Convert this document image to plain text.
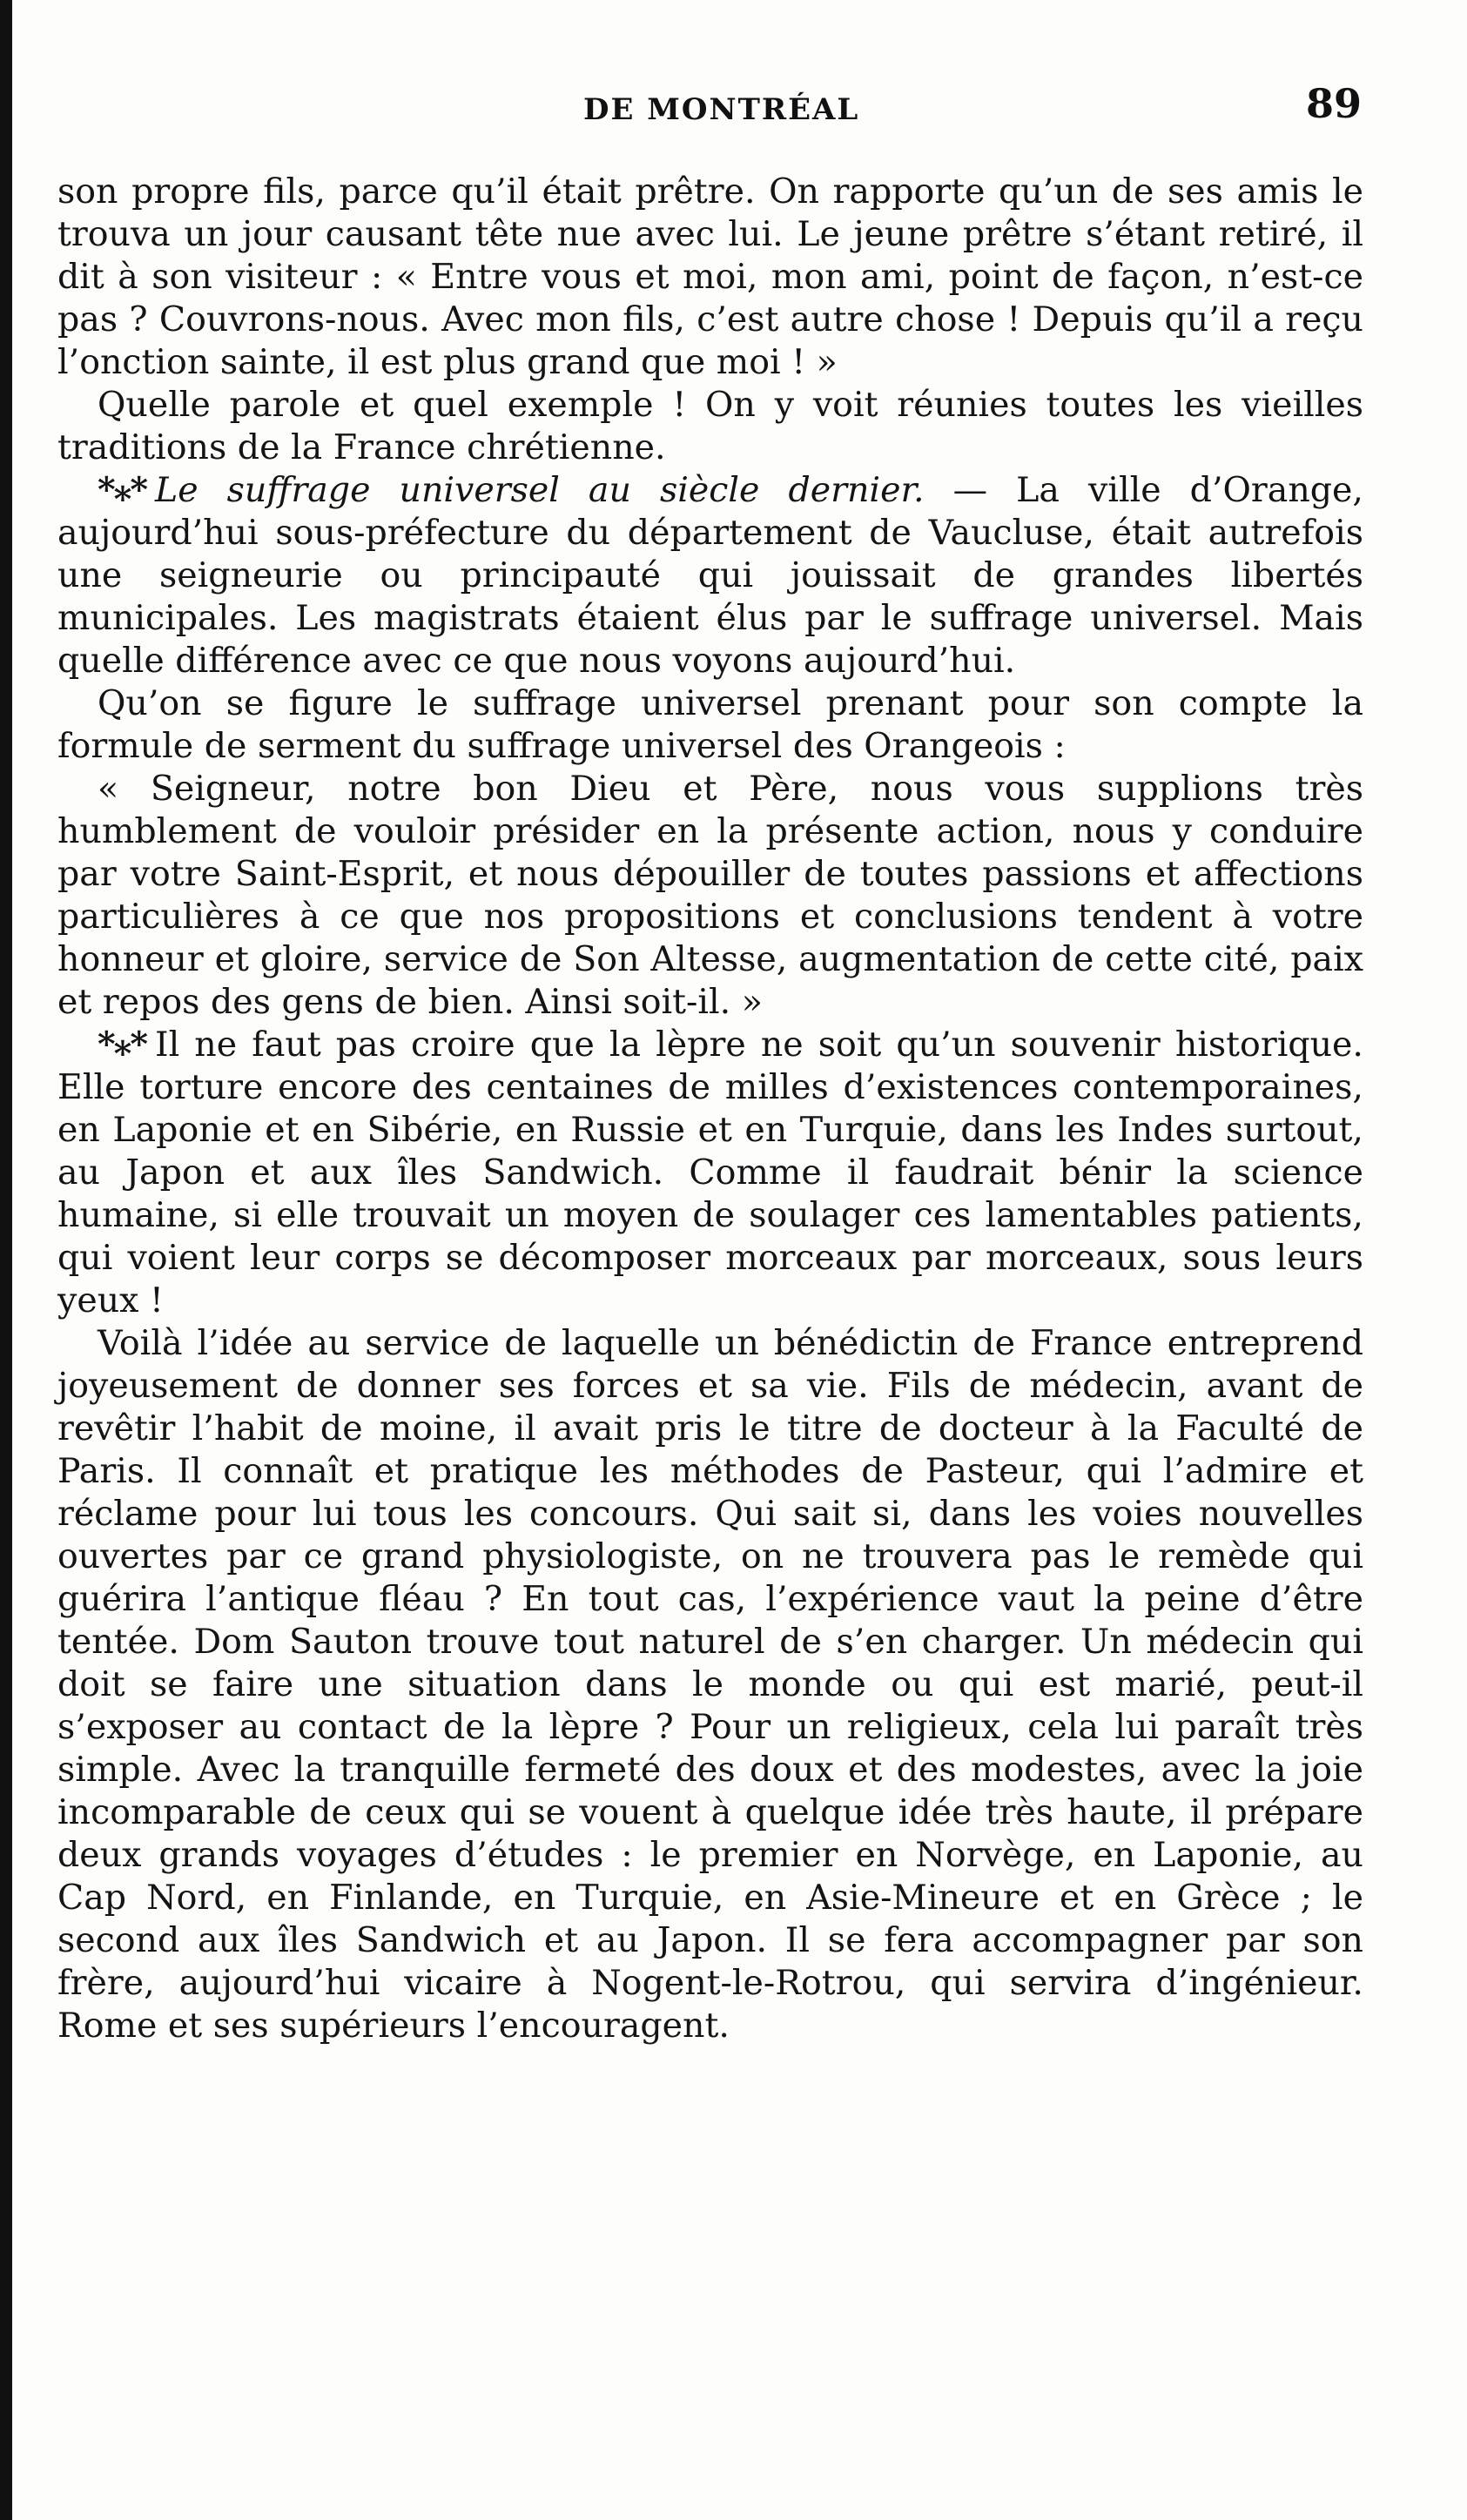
DE MONTRÉAL	89

son propre fils, parce qu’il était prêtre. On rapporte qu’un de ses amis le trouva un jour causant tête nue avec lui. Le jeune prêtre s’étant retiré, il dit à son visiteur : « Entre vous et moi, mon ami, point de façon, n’est-ce pas ? Couvrons-nous. Avec mon fils, c’est autre chose ! Depuis qu’il a reçu l’onction sainte, il est plus grand que moi ! »

Quelle parole et quel exemple ! On y voit réunies toutes les vieilles traditions de la France chrétienne.

*⁎* Le suffrage universel au siècle dernier. — La ville d’Orange, aujourd’hui sous-préfecture du département de Vaucluse, était autrefois une seigneurie ou principauté qui jouissait de grandes libertés municipales. Les magistrats étaient élus par le suffrage universel. Mais quelle différence avec ce que nous voyons aujourd’hui.

Qu’on se figure le suffrage universel prenant pour son compte la formule de serment du suffrage universel des Orangeois :

« Seigneur, notre bon Dieu et Père, nous vous supplions très humblement de vouloir présider en la présente action, nous y conduire par votre Saint-Esprit, et nous dépouiller de toutes passions et affections particulières à ce que nos propositions et conclusions tendent à votre honneur et gloire, service de Son Altesse, augmentation de cette cité, paix et repos des gens de bien. Ainsi soit-il. »

*⁎* Il ne faut pas croire que la lèpre ne soit qu’un souvenir historique. Elle torture encore des centaines de milles d’existences contemporaines, en Laponie et en Sibérie, en Russie et en Turquie, dans les Indes surtout, au Japon et aux îles Sandwich. Comme il faudrait bénir la science humaine, si elle trouvait un moyen de soulager ces lamentables patients, qui voient leur corps se décomposer morceaux par morceaux, sous leurs yeux !

Voilà l’idée au service de laquelle un bénédictin de France entreprend joyeusement de donner ses forces et sa vie. Fils de médecin, avant de revêtir l’habit de moine, il avait pris le titre de docteur à la Faculté de Paris. Il connaît et pratique les méthodes de Pasteur, qui l’admire et réclame pour lui tous les concours. Qui sait si, dans les voies nouvelles ouvertes par ce grand physiologiste, on ne trouvera pas le remède qui guérira l’antique fléau ? En tout cas, l’expérience vaut la peine d’être tentée. Dom Sauton trouve tout naturel de s’en charger. Un médecin qui doit se faire une situation dans le monde ou qui est marié, peut-il s’exposer au contact de la lèpre ? Pour un religieux, cela lui paraît très simple. Avec la tranquille fermeté des doux et des modestes, avec la joie incomparable de ceux qui se vouent à quelque idée très haute, il prépare deux grands voyages d’études : le premier en Norvège, en Laponie, au Cap Nord, en Finlande, en Turquie, en Asie-Mineure et en Grèce ; le second aux îles Sandwich et au Japon. Il se fera accompagner par son frère, aujourd’hui vicaire à Nogent-le-Rotrou, qui servira d’ingénieur. Rome et ses supérieurs l’encouragent.
